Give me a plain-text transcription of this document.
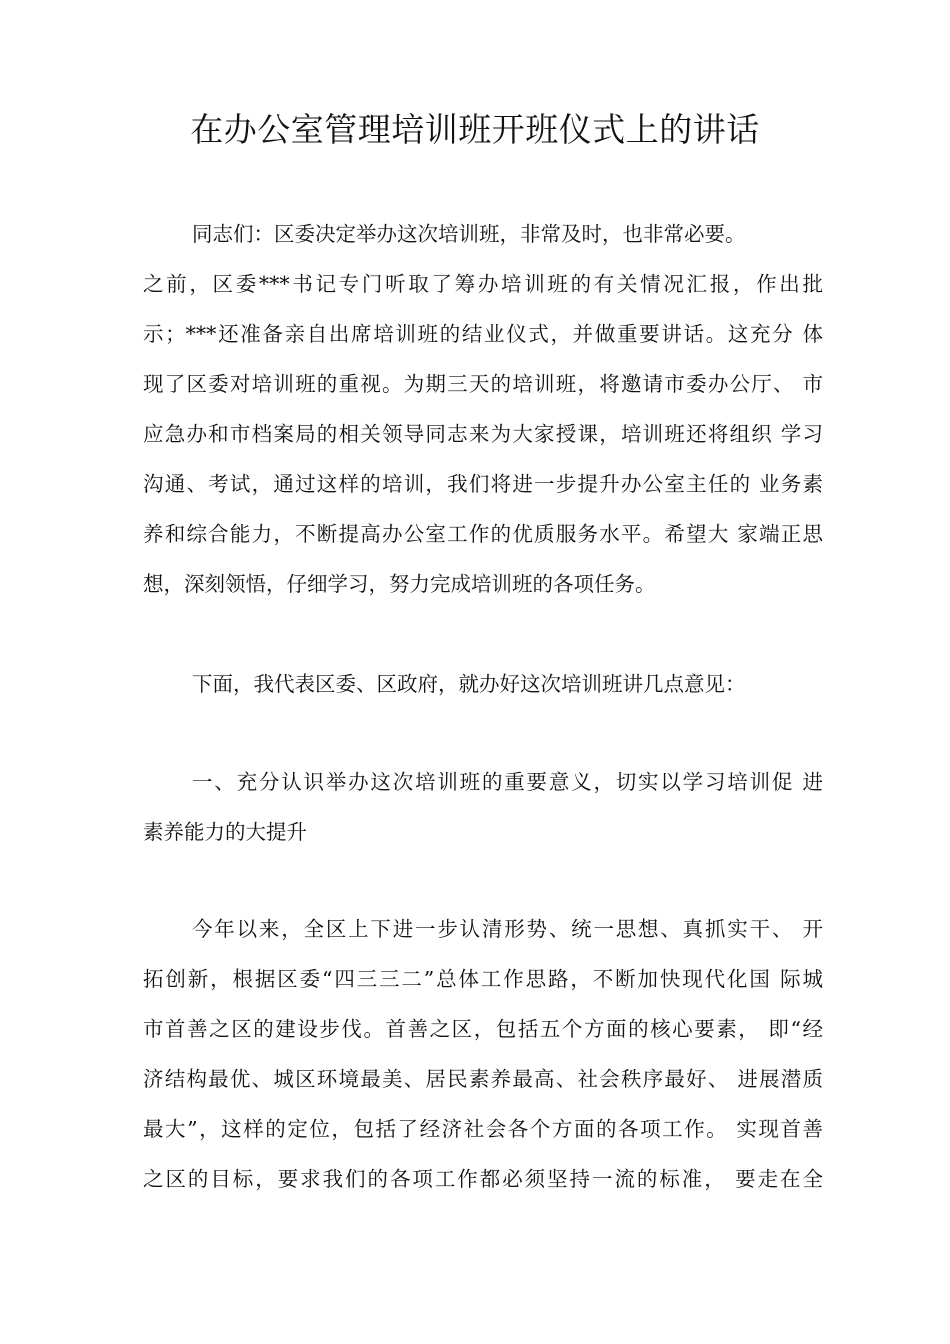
在办公室管理培训班开班仪式上的讲话
同志们：区委决定举办这次培训班，非常及时，也非常必要。
之前，区委***书记专门听取了筹办培训班的有关情况汇报，作出批
示；***还准备亲自出席培训班的结业仪式，并做重要讲话。这充分 体
现了区委对培训班的重视。为期三天的培训班，将邀请市委办公厅、 市
应急办和市档案局的相关领导同志来为大家授课，培训班还将组织 学习
沟通、考试，通过这样的培训，我们将进一步提升办公室主任的 业务素
养和综合能力，不断提高办公室工作的优质服务水平。希望大 家端正思
想，深刻领悟，仔细学习，努力完成培训班的各项任务。
下面，我代表区委、区政府，就办好这次培训班讲几点意见：
一、充分认识举办这次培训班的重要意义，切实以学习培训促 进
素养能力的大提升
今年以来，全区上下进一步认清形势、统一思想、真抓实干、 开
拓创新，根据区委“四三三二”总体工作思路，不断加快现代化国 际城
市首善之区的建设步伐。首善之区，包括五个方面的核心要素， 即“经
济结构最优、城区环境最美、居民素养最高、社会秩序最好、 进展潜质
最大”，这样的定位，包括了经济社会各个方面的各项工作。 实现首善
之区的目标，要求我们的各项工作都必须坚持一流的标准， 要走在全
